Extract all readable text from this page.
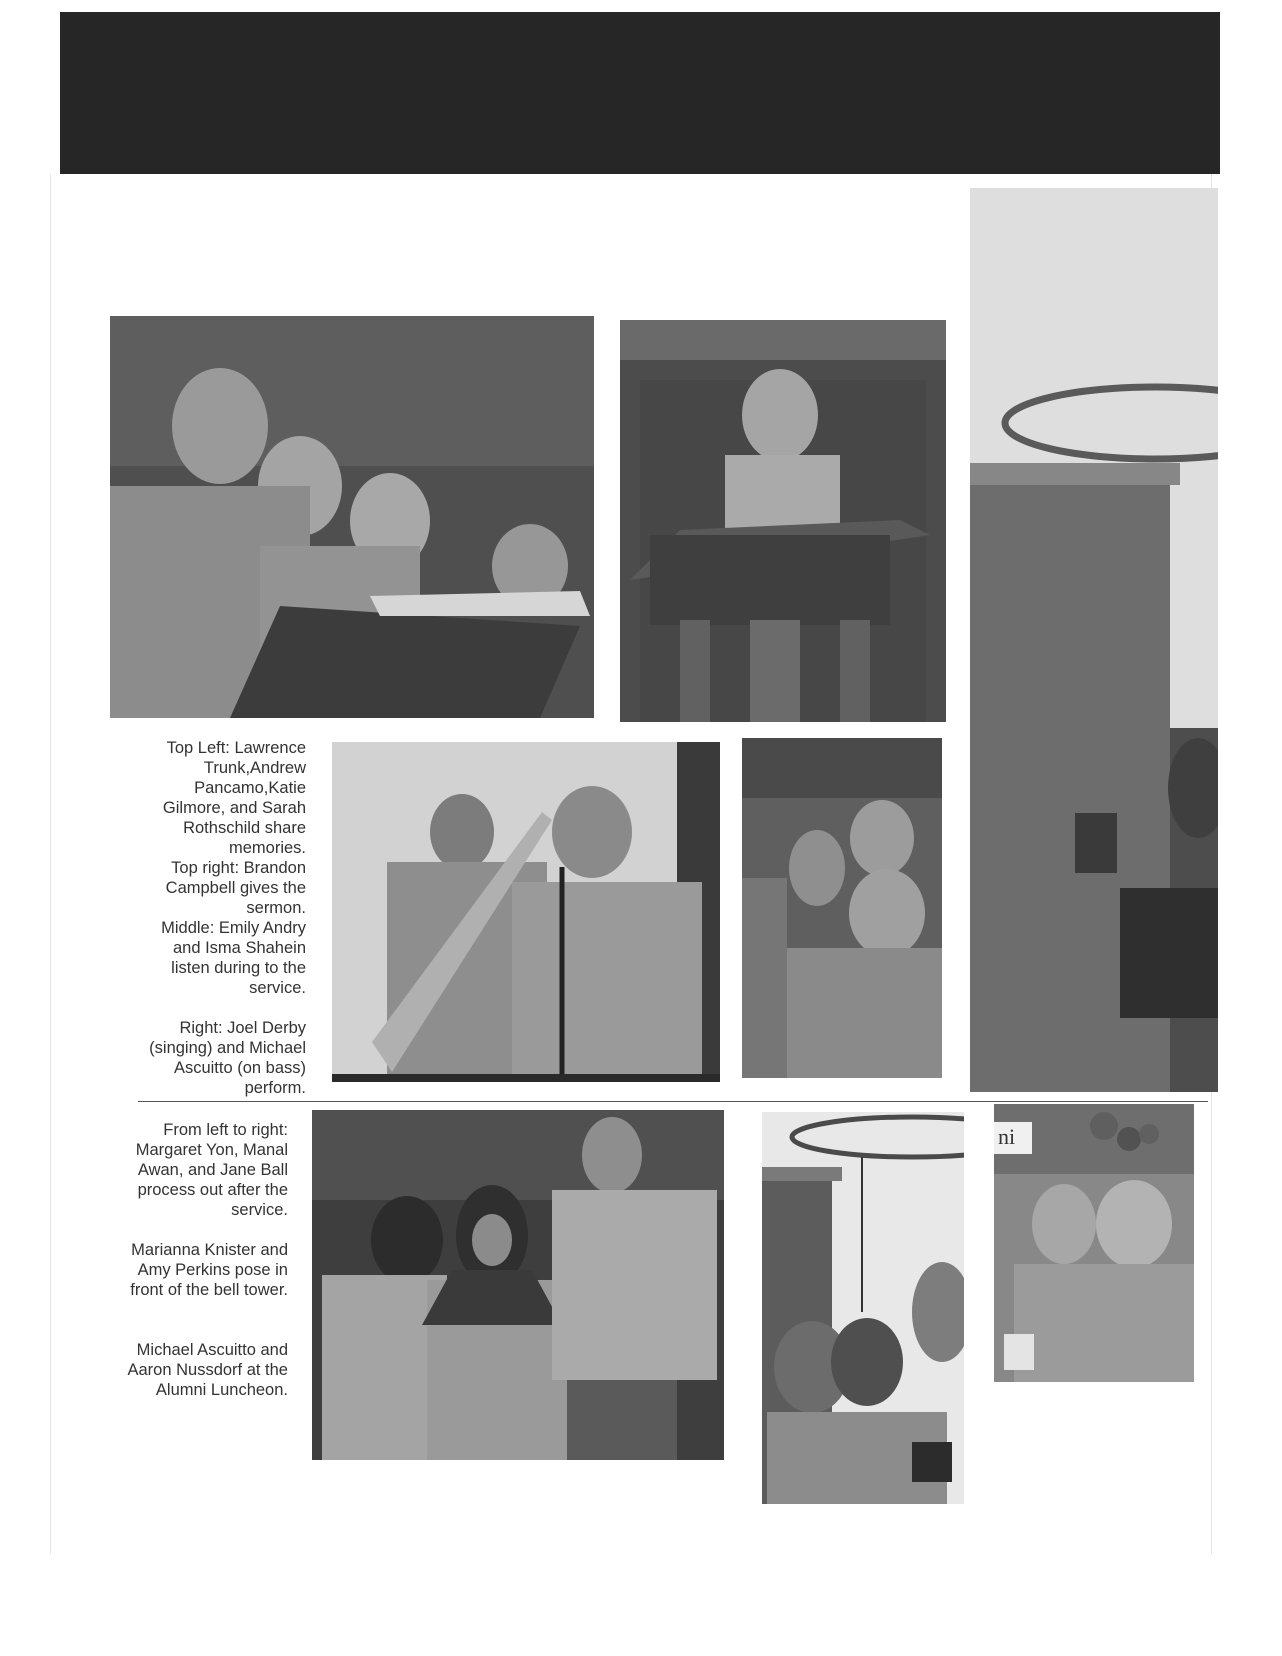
Top Left: Lawrence Trunk,Andrew Pancamo,Katie Gilmore, and Sarah Rothschild share memories.

Top right: Brandon Campbell gives the sermon.

Middle: Emily Andry and Isma Shahein listen during to the service.

Right: Joel Derby (singing) and Michael Ascuitto (on bass) perform.

From left to right: Margaret Yon, Manal Awan, and Jane Ball process out after the service.

Marianna Knister and Amy Perkins pose in front of the bell tower.

Michael Ascuitto and Aaron Nussdorf at the Alumni Luncheon.

ni
